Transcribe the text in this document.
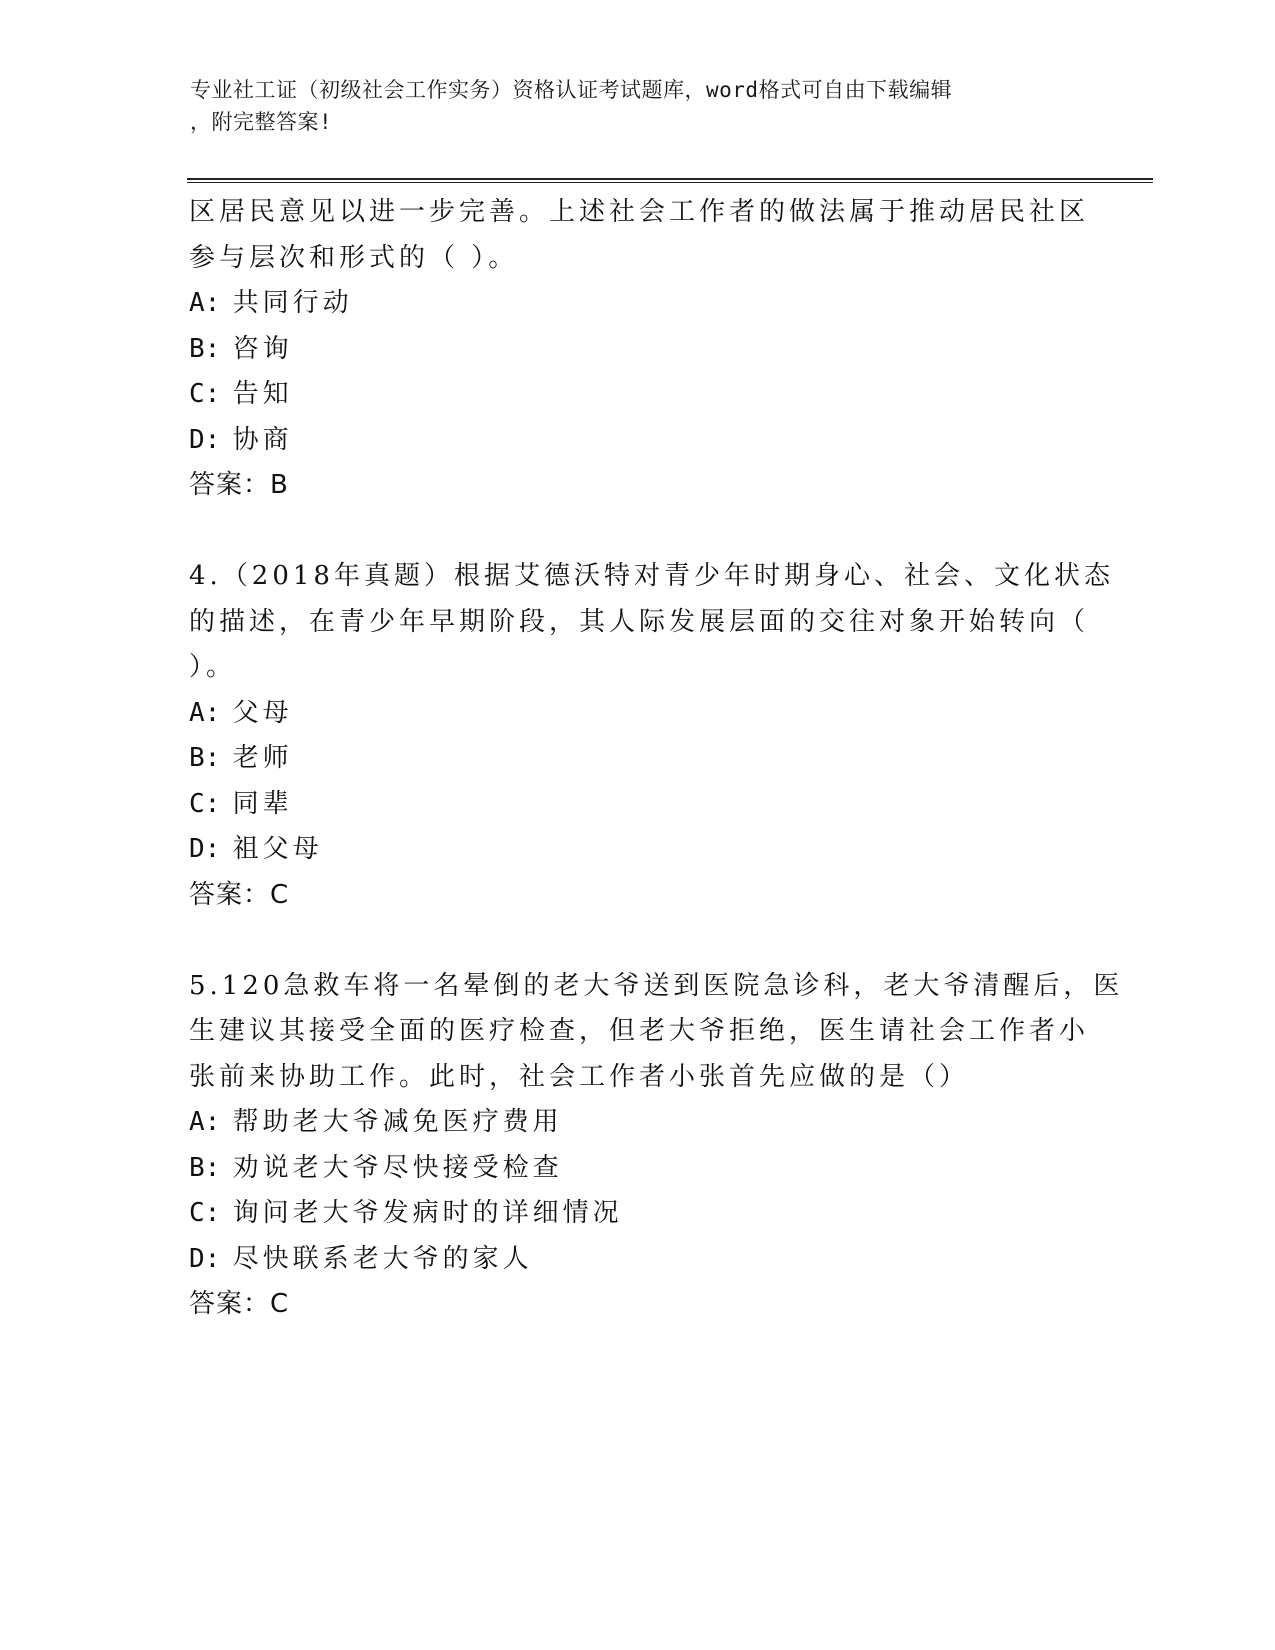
专业社工证（初级社会工作实务）资格认证考试题库，word格式可自由下载编辑
，附完整答案!
区居民意见以进一步完善。上述社会工作者的做法属于推动居民社区
参与层次和形式的（ ）。
A: 共同行动
B: 咨询
C: 告知
D: 协商
答案：B
4.（2018年真题）根据艾德沃特对青少年时期身心、社会、文化状态
的描述，在青少年早期阶段，其人际发展层面的交往对象开始转向（
）。
A: 父母
B: 老师
C: 同辈
D: 祖父母
答案：C
5.120急救车将一名晕倒的老大爷送到医院急诊科，老大爷清醒后，医
生建议其接受全面的医疗检查，但老大爷拒绝，医生请社会工作者小
张前来协助工作。此时，社会工作者小张首先应做的是（）
A: 帮助老大爷减免医疗费用
B: 劝说老大爷尽快接受检查
C: 询问老大爷发病时的详细情况
D: 尽快联系老大爷的家人
答案：C
